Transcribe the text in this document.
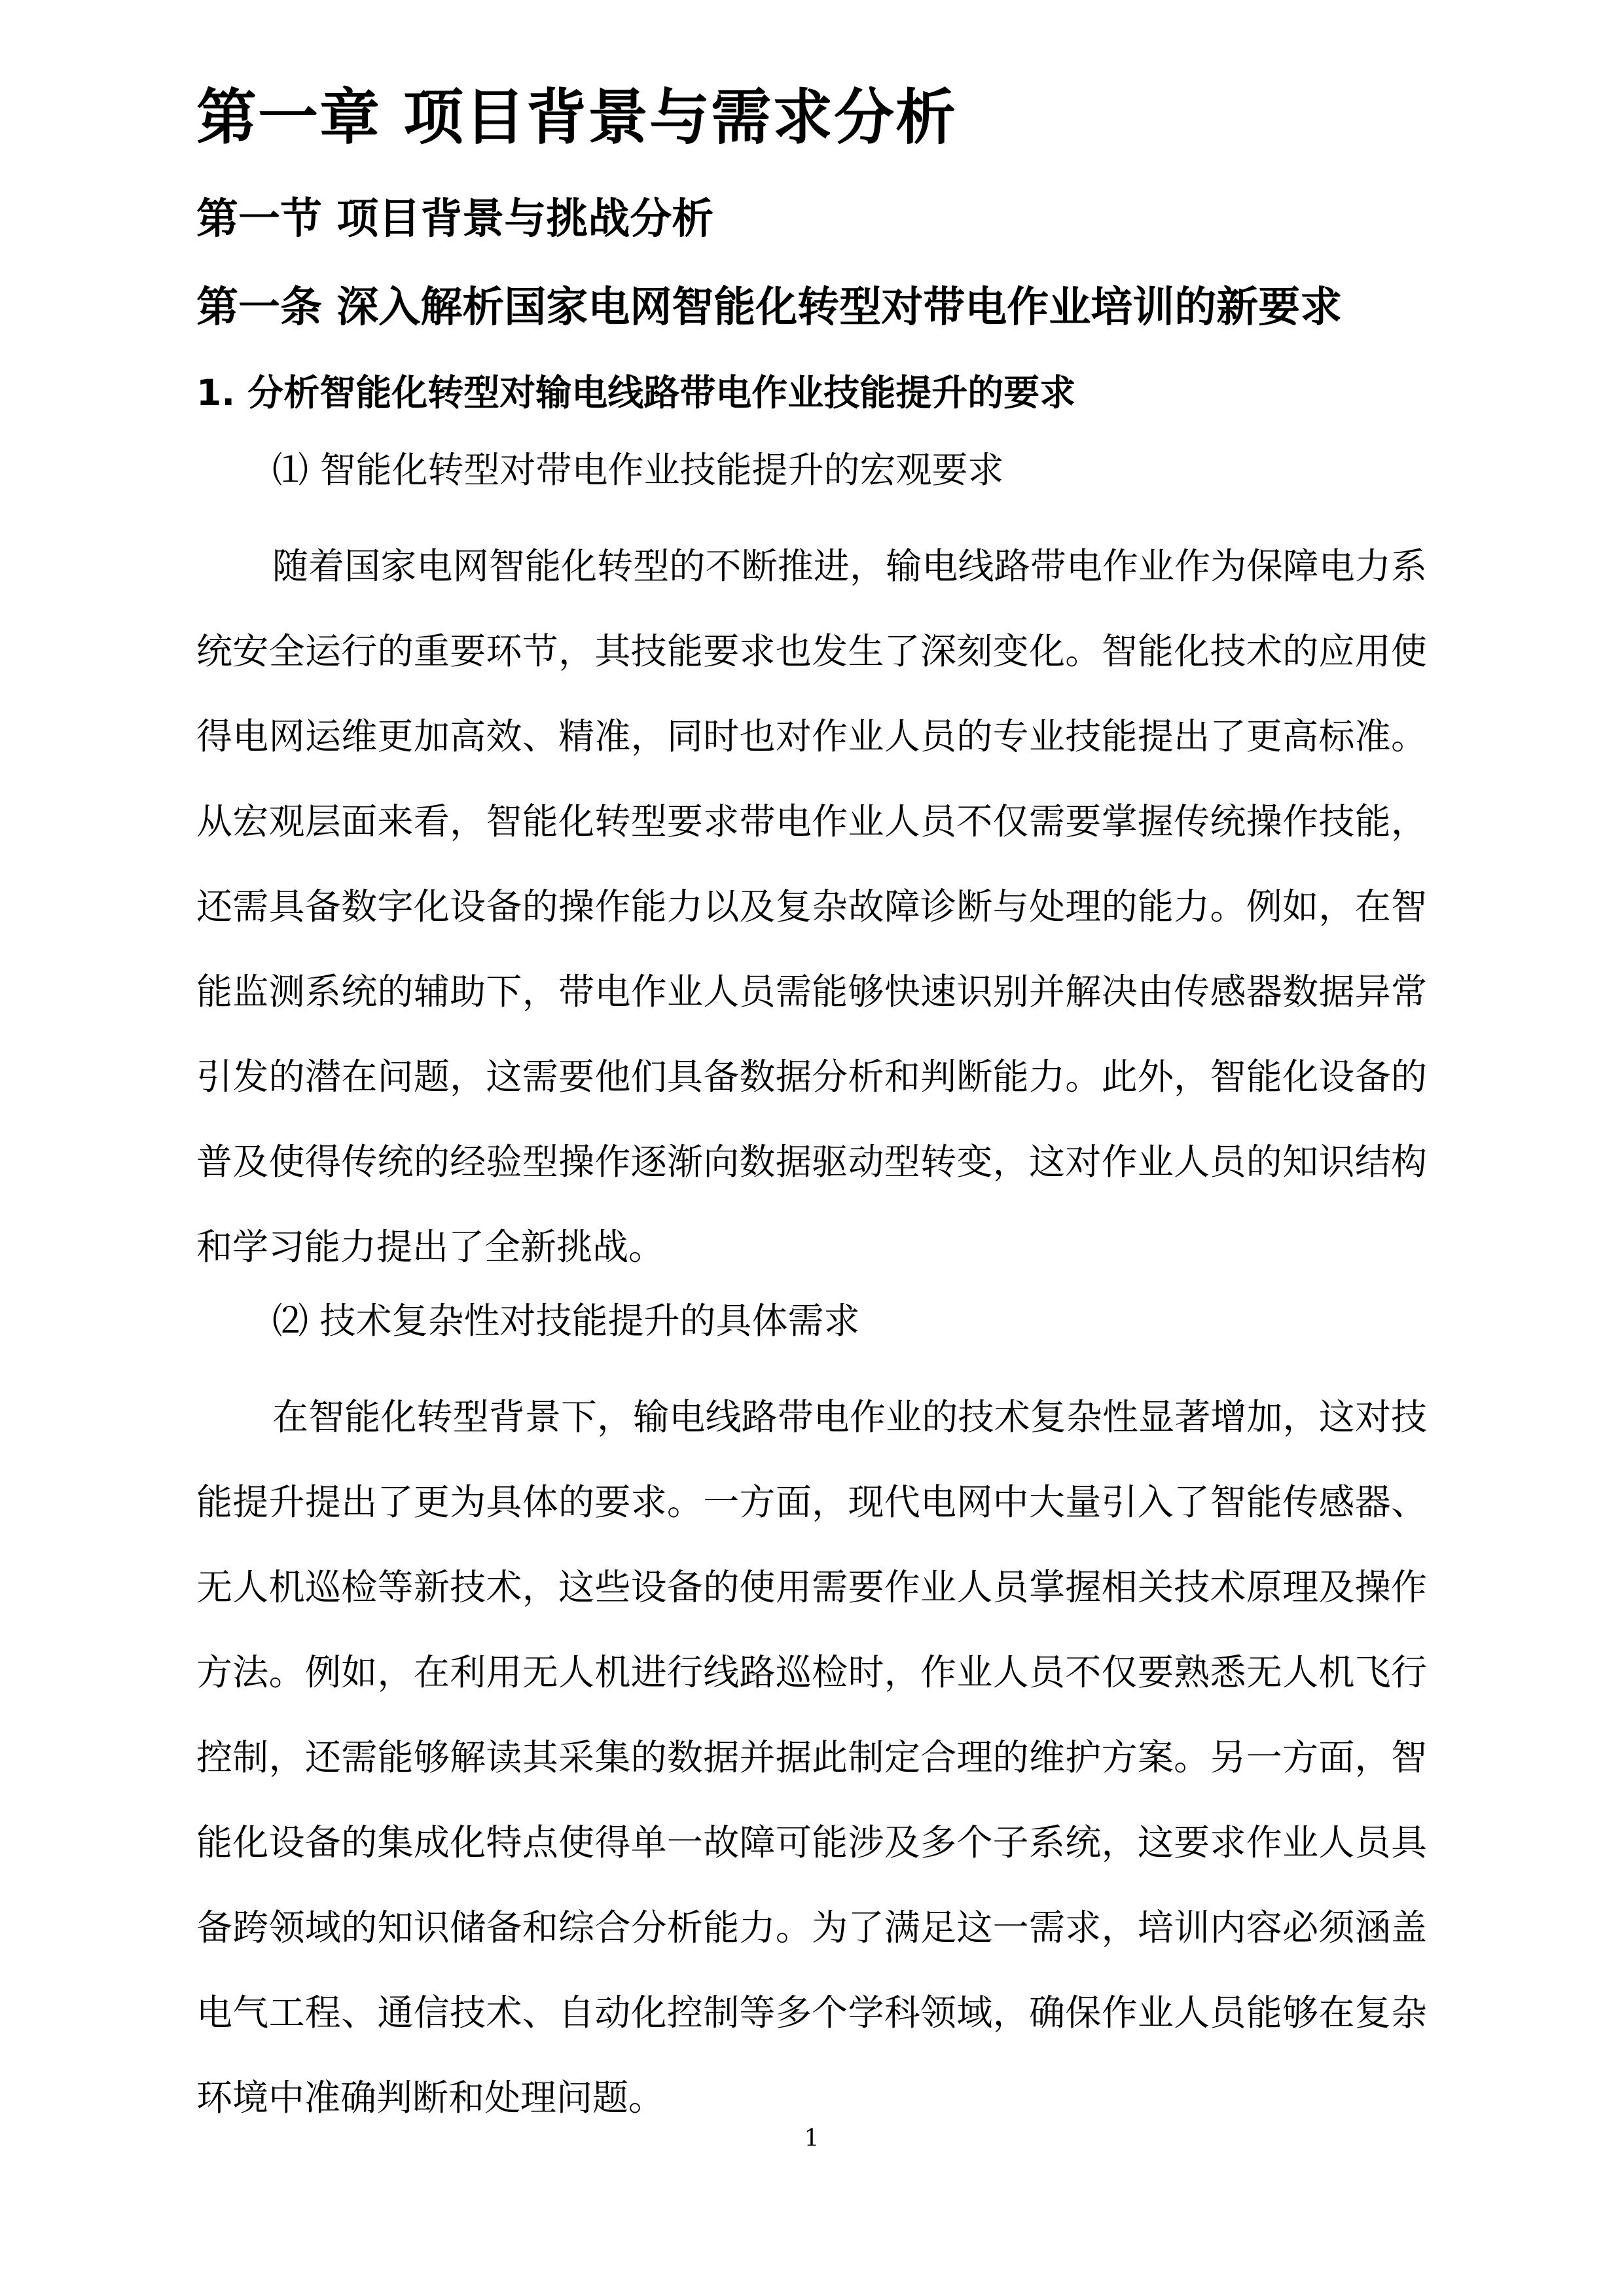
第一章 项目背景与需求分析
第一节 项目背景与挑战分析
第一条 深入解析国家电网智能化转型对带电作业培训的新要求
1. 分析智能化转型对输电线路带电作业技能提升的要求

⑴ 智能化转型对带电作业技能提升的宏观要求

随着国家电网智能化转型的不断推进，输电线路带电作业作为保障电力系统安全运行的重要环节，其技能要求也发生了深刻变化。智能化技术的应用使得电网运维更加高效、精准，同时也对作业人员的专业技能提出了更高标准。从宏观层面来看，智能化转型要求带电作业人员不仅需要掌握传统操作技能，还需具备数字化设备的操作能力以及复杂故障诊断与处理的能力。例如，在智能监测系统的辅助下，带电作业人员需能够快速识别并解决由传感器数据异常引发的潜在问题，这需要他们具备数据分析和判断能力。此外，智能化设备的普及使得传统的经验型操作逐渐向数据驱动型转变，这对作业人员的知识结构和学习能力提出了全新挑战。

⑵ 技术复杂性对技能提升的具体需求

在智能化转型背景下，输电线路带电作业的技术复杂性显著增加，这对技能提升提出了更为具体的要求。一方面，现代电网中大量引入了智能传感器、无人机巡检等新技术，这些设备的使用需要作业人员掌握相关技术原理及操作方法。例如，在利用无人机进行线路巡检时，作业人员不仅要熟悉无人机飞行控制，还需能够解读其采集的数据并据此制定合理的维护方案。另一方面，智能化设备的集成化特点使得单一故障可能涉及多个子系统，这要求作业人员具备跨领域的知识储备和综合分析能力。为了满足这一需求，培训内容必须涵盖电气工程、通信技术、自动化控制等多个学科领域，确保作业人员能够在复杂环境中准确判断和处理问题。

1
